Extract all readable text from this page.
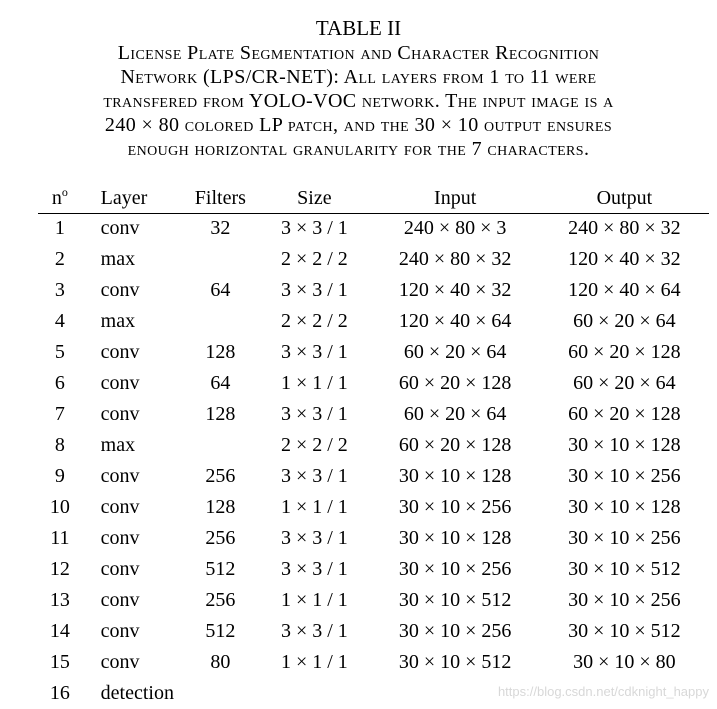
TABLE II
License Plate Segmentation and Character Recognition
Network (LPS/CR-NET): All layers from 1 to 11 were
transfered from YOLO-VOC network. The input image is a
240 × 80 colored LP patch, and the 30 × 10 output ensures
enough horizontal granularity for the 7 characters.
$n^o$	Layer	Filters	Size	Input	Output
1	conv	32	3 × 3 / 1	240 × 80 × 3	240 × 80 × 32
2	max		2 × 2 / 2	240 × 80 × 32	120 × 40 × 32
3	conv	64	3 × 3 / 1	120 × 40 × 32	120 × 40 × 64
4	max		2 × 2 / 2	120 × 40 × 64	60 × 20 × 64
5	conv	128	3 × 3 / 1	60 × 20 × 64	60 × 20 × 128
6	conv	64	1 × 1 / 1	60 × 20 × 128	60 × 20 × 64
7	conv	128	3 × 3 / 1	60 × 20 × 64	60 × 20 × 128
8	max		2 × 2 / 2	60 × 20 × 128	30 × 10 × 128
9	conv	256	3 × 3 / 1	30 × 10 × 128	30 × 10 × 256
10	conv	128	1 × 1 / 1	30 × 10 × 256	30 × 10 × 128
11	conv	256	3 × 3 / 1	30 × 10 × 128	30 × 10 × 256
12	conv	512	3 × 3 / 1	30 × 10 × 256	30 × 10 × 512
13	conv	256	1 × 1 / 1	30 × 10 × 512	30 × 10 × 256
14	conv	512	3 × 3 / 1	30 × 10 × 256	30 × 10 × 512
15	conv	80	1 × 1 / 1	30 × 10 × 512	30 × 10 × 80
16	detection					https://blog.csdn.net/cdknight_happy
